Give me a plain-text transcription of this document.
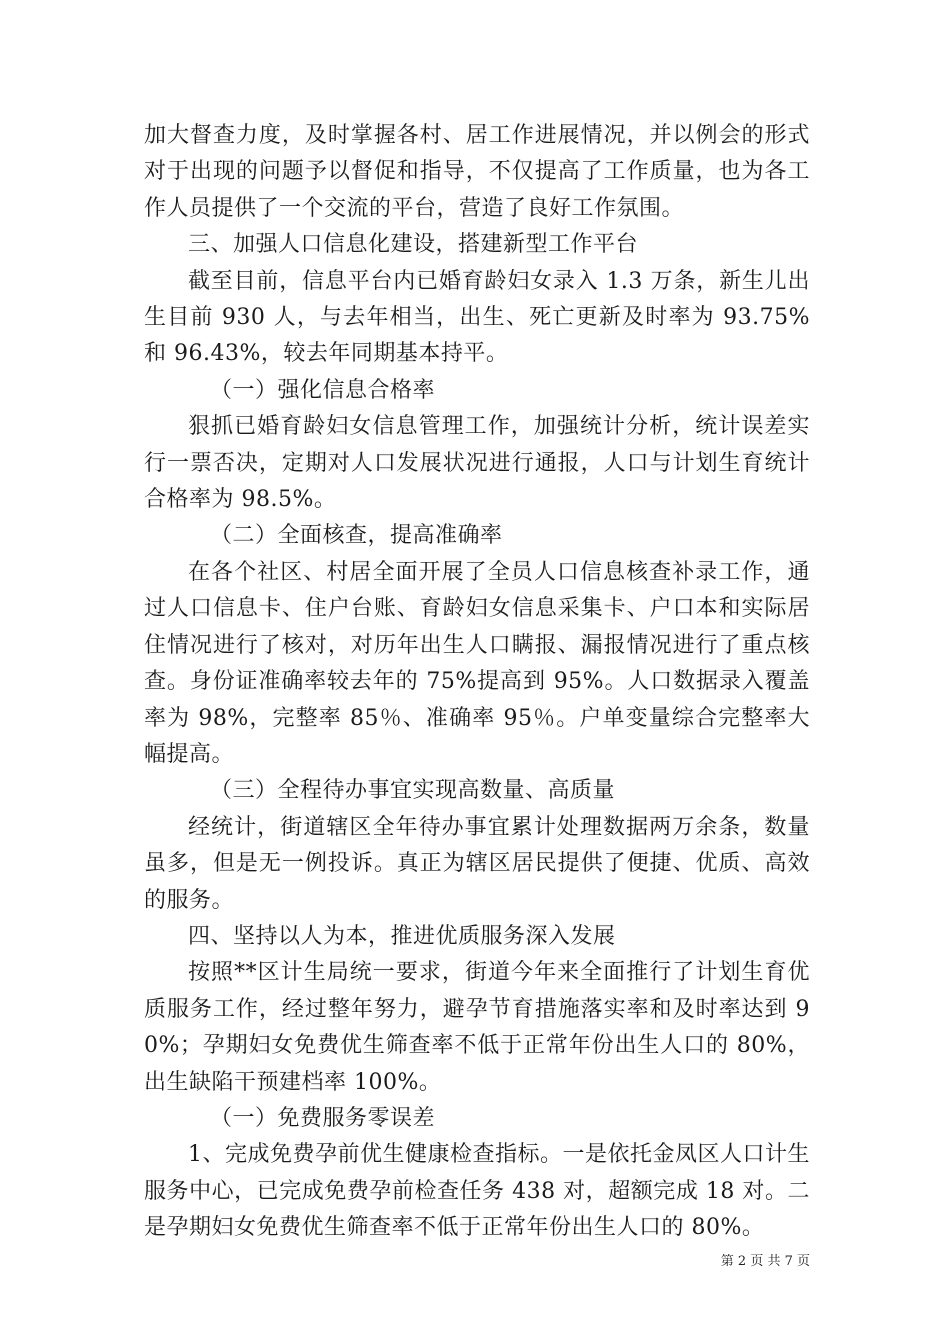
加大督查力度，及时掌握各村、居工作进展情况，并以例会的形式对于出现的问题予以督促和指导，不仅提高了工作质量，也为各工作人员提供了一个交流的平台，营造了良好工作氛围。

三、加强人口信息化建设，搭建新型工作平台

截至目前，信息平台内已婚育龄妇女录入 1.3 万条，新生儿出生目前 930 人，与去年相当，出生、死亡更新及时率为 93.75%和 96.43%，较去年同期基本持平。

（一）强化信息合格率

狠抓已婚育龄妇女信息管理工作，加强统计分析，统计误差实行一票否决，定期对人口发展状况进行通报，人口与计划生育统计合格率为 98.5%。

（二）全面核查，提高准确率

在各个社区、村居全面开展了全员人口信息核查补录工作，通过人口信息卡、住户台账、育龄妇女信息采集卡、户口本和实际居住情况进行了核对，对历年出生人口瞒报、漏报情况进行了重点核查。身份证准确率较去年的 75%提高到 95%。人口数据录入覆盖率为 98%，完整率 85％、准确率 95％。户单变量综合完整率大幅提高。

（三）全程待办事宜实现高数量、高质量

经统计，街道辖区全年待办事宜累计处理数据两万余条，数量虽多，但是无一例投诉。真正为辖区居民提供了便捷、优质、高效的服务。

四、坚持以人为本，推进优质服务深入发展

按照**区计生局统一要求，街道今年来全面推行了计划生育优质服务工作，经过整年努力，避孕节育措施落实率和及时率达到 90%；孕期妇女免费优生筛查率不低于正常年份出生人口的 80%，出生缺陷干预建档率 100%。

（一）免费服务零误差

1、完成免费孕前优生健康检查指标。一是依托金凤区人口计生服务中心，已完成免费孕前检查任务 438 对，超额完成 18 对。二是孕期妇女免费优生筛查率不低于正常年份出生人口的 80%。

第 2 页 共 7 页
